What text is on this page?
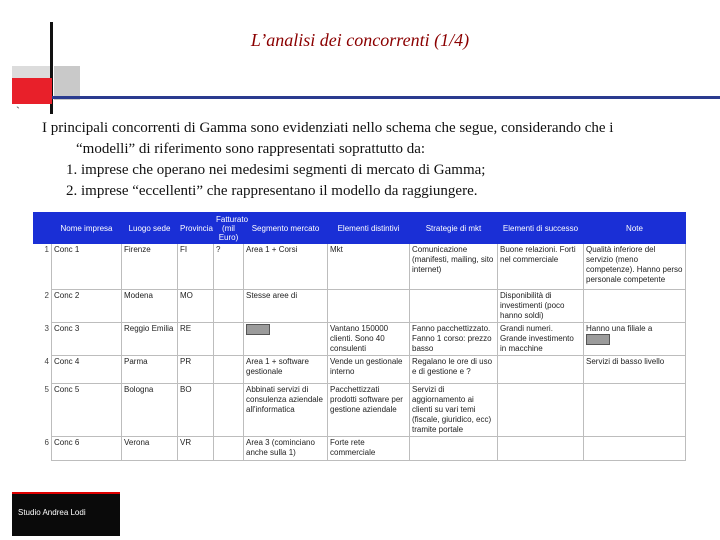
`
L’analisi dei concorrenti (1/4)
I principali concorrenti di Gamma sono evidenziati nello schema che segue, considerando che i
“modelli” di riferimento sono rappresentati soprattutto da:
1. imprese che operano nei medesimi segmenti di mercato di Gamma;
2. imprese “eccellenti” che rappresentano il modello da raggiungere.
	Nome impresa	Luogo sede	Provincia	Fatturato (mil Euro)	Segmento mercato	Elementi distintivi	Strategie di mkt	Elementi di successo	Note
1	Conc 1	Firenze	FI	?	Area 1 + Corsi	Mkt	Comunicazione (manifesti, mailing, sito internet)	Buone relazioni. Forti nel commerciale	Qualità inferiore del servizio (meno competenze). Hanno perso personale competente
2	Conc 2	Modena	MO		Stesse aree di			Disponibilità di investimenti (poco hanno soldi)	
3	Conc 3	Reggio Emilia	RE			Vantano 150000 clienti. Sono 40 consulenti	Fanno pacchettizzato. Fanno 1 corso: prezzo basso	Grandi numeri. Grande investimento in macchine	Hanno una filiale a

4	Conc 4	Parma	PR		Area 1 + software gestionale	Vende un gestionale interno	Regalano le ore di uso e di gestione e ?		Servizi di basso livello
5	Conc 5	Bologna	BO		Abbinati servizi di consulenza aziendale all'informatica	Pacchettizzati prodotti software per gestione aziendale	Servizi di aggiornamento ai clienti su vari temi (fiscale, giuridico, ecc) tramite portale		
6	Conc 6	Verona	VR		Area 3 (cominciano anche sulla 1)	Forte rete commerciale			
Studio Andrea Lodi
